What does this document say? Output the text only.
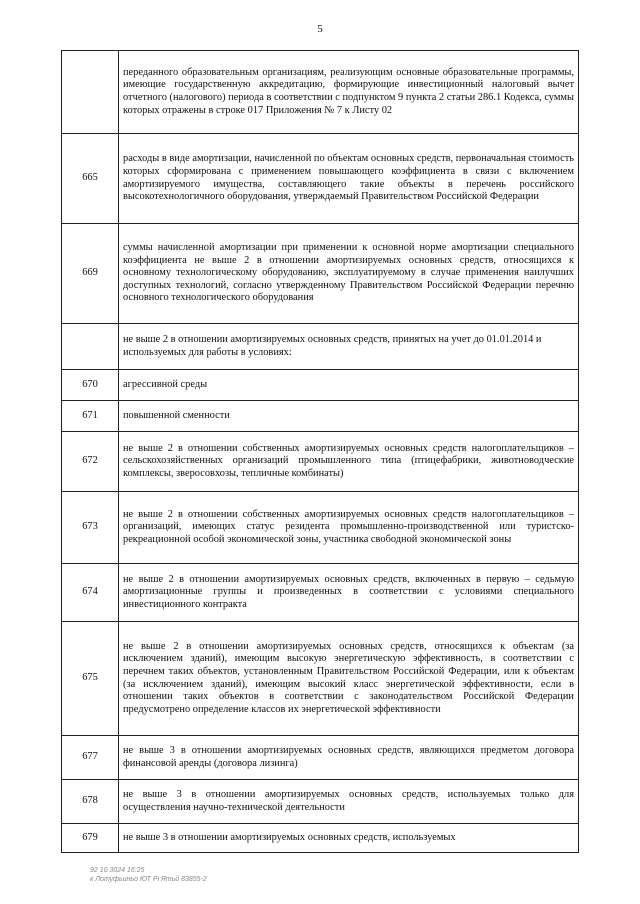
5

	переданного образовательным организациям, реализующим основные образовательные программы, имеющие государственную аккредитацию, формирующие инвестиционный налоговый вычет отчетного (налогового) периода в соответствии с подпунктом 9 пункта 2 статьи 286.1 Кодекса, суммы которых отражены в строке 017 Приложения № 7 к Листу 02

665	расходы в виде амортизации, начисленной по объектам основных средств, первоначальная стоимость которых сформирована с применением повышающего коэффициента в связи с включением амортизируемого имущества, составляющего такие объекты в перечень российского высокотехнологичного оборудования, утверждаемый Правительством Российской Федерации

669	суммы начисленной амортизации при применении к основной норме амортизации специального коэффициента не выше 2 в отношении амортизируемых основных средств, относящихся к основному технологическому оборудованию, эксплуатируемому в случае применения наилучших доступных технологий, согласно утвержденному Правительством Российской Федерации перечню основного технологического оборудования

	не выше 2 в отношении амортизируемых основных средств, принятых на учет до 01.01.2014 и используемых для работы в условиях:

670	агрессивной среды

671	повышенной сменности

672	не выше 2 в отношении собственных амортизируемых основных средств налогоплательщиков – сельскохозяйственных организаций промышленного типа (птицефабрики, животноводческие комплексы, зверосовхозы, тепличные комбинаты)

673	не выше 2 в отношении собственных амортизируемых основных средств налогоплательщиков – организаций, имеющих статус резидента промышленно-производственной или туристско-рекреационной особой экономической зоны, участника свободной экономической зоны

674	не выше 2 в отношении амортизируемых основных средств, включенных в первую – седьмую амортизационные группы и произведенных в соответствии с условиями специального инвестиционного контракта

675	не выше 2 в отношении амортизируемых основных средств, относящихся к объектам (за исключением зданий), имеющим высокую энергетическую эффективность, в соответствии с перечнем таких объектов, установленным Правительством Российской Федерации, или к объектам (за исключением зданий), имеющим высокий класс энергетической эффективности, если в отношении таких объектов в соответствии с законодательством Российской Федерации предусмотрено определение классов их энергетической эффективности

677	не выше 3 в отношении амортизируемых основных средств, являющихся предметом договора финансовой аренды (договора лизинга)

678	не выше 3 в отношении амортизируемых основных средств, используемых только для осуществления научно-технической деятельности

679	не выше 3 в отношении амортизируемых основных средств, используемых
92 10 3024 16:25
к Лотуфьиньо ЮТ Рі Ятьй 83855-2
